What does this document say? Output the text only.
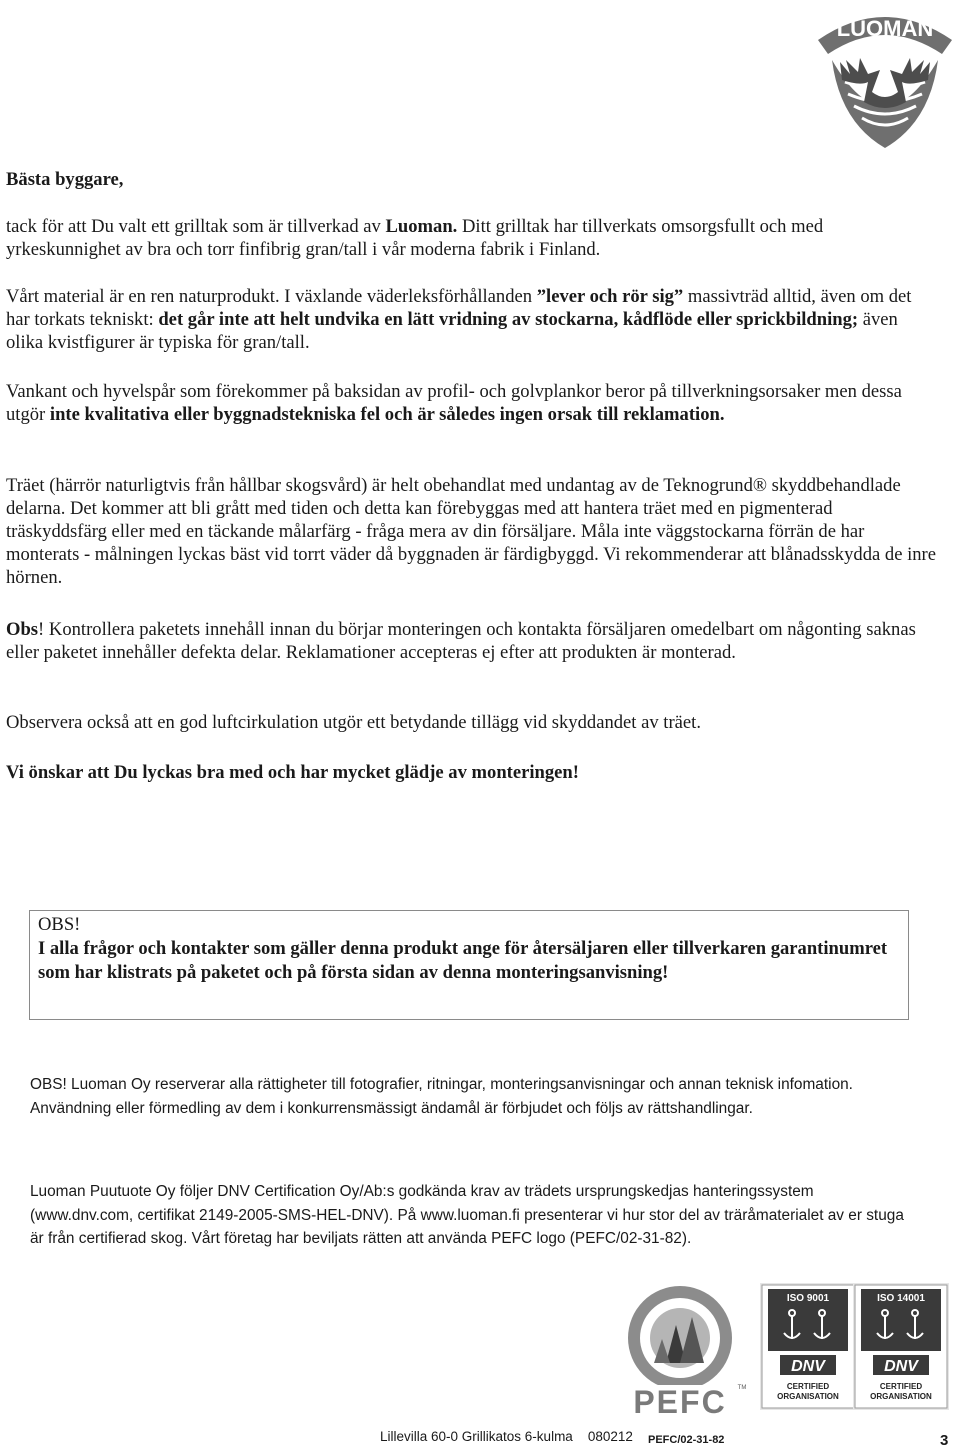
LUOMAN
Finland

Bästa byggare,

tack för att Du valt ett grilltak som är tillverkad av Luoman. Ditt grilltak har tillverkats omsorgsfullt och med yrkeskunnighet av bra och torr finfibrig gran/tall i vår moderna fabrik i Finland.

Vårt material är en ren naturprodukt. I växlande väderleksförhållanden ”lever och rör sig” massivträd alltid, även om det har torkats tekniskt: det går inte att helt undvika en lätt vridning av stockarna, kådflöde eller sprickbildning; även olika kvistfigurer är typiska för gran/tall.

Vankant och hyvelspår som förekommer på baksidan av profil- och golvplankor beror på tillverkningsorsaker men dessa utgör inte kvalitativa eller byggnadstekniska fel och är således ingen orsak till reklamation.

Träet (härrör naturligtvis från hållbar skogsvård) är helt obehandlat med undantag av de Teknogrund® skyddbehandlade delarna. Det kommer att bli grått med tiden och detta kan förebyggas med att hantera träet med en pigmenterad träskyddsfärg eller med en täckande målarfärg - fråga mera av din försäljare. Måla inte väggstockarna förrän de har monterats - målningen lyckas bäst vid torrt väder då byggnaden är färdigbyggd. Vi rekommenderar att blånadsskydda de inre hörnen.

Obs! Kontrollera paketets innehåll innan du börjar monteringen och kontakta försäljaren omedelbart om någonting saknas eller paketet innehåller defekta delar. Reklamationer accepteras ej efter att produkten är monterad.

Observera också att en god luftcirkulation utgör ett betydande tillägg vid skyddandet av träet.

Vi önskar att Du lyckas bra med och har mycket glädje av monteringen!

OBS!

I alla frågor och kontakter som gäller denna produkt ange för återsäljaren eller tillverkaren garantinumret som har klistrats på paketet och på första sidan av denna monteringsanvisning!

OBS! Luoman Oy reserverar alla rättigheter till fotografier, ritningar, monteringsanvisningar och annan teknisk infomation. Användning eller förmedling av dem i konkurrensmässigt ändamål är förbjudet och följs av rättshandlingar.

Luoman Puutuote Oy följer DNV Certification Oy/Ab:s godkända krav av trädets ursprungskedjas hanteringssystem (www.dnv.com, certifikat 2149-2005-SMS-HEL-DNV). På www.luoman.fi presenterar vi hur stor del av träråmaterialet av er stuga är från certifierad skog. Vårt företag har beviljats rätten att använda PEFC logo (PEFC/02-31-82).

PEFC TM
PEFC/02-31-82
ISO 9001
DNV
CERTIFIED
ORGANISATION
ISO 14001
DNV
CERTIFIED
ORGANISATION
Lillevilla 60-0 Grillikatos 6-kulma    080212	3
